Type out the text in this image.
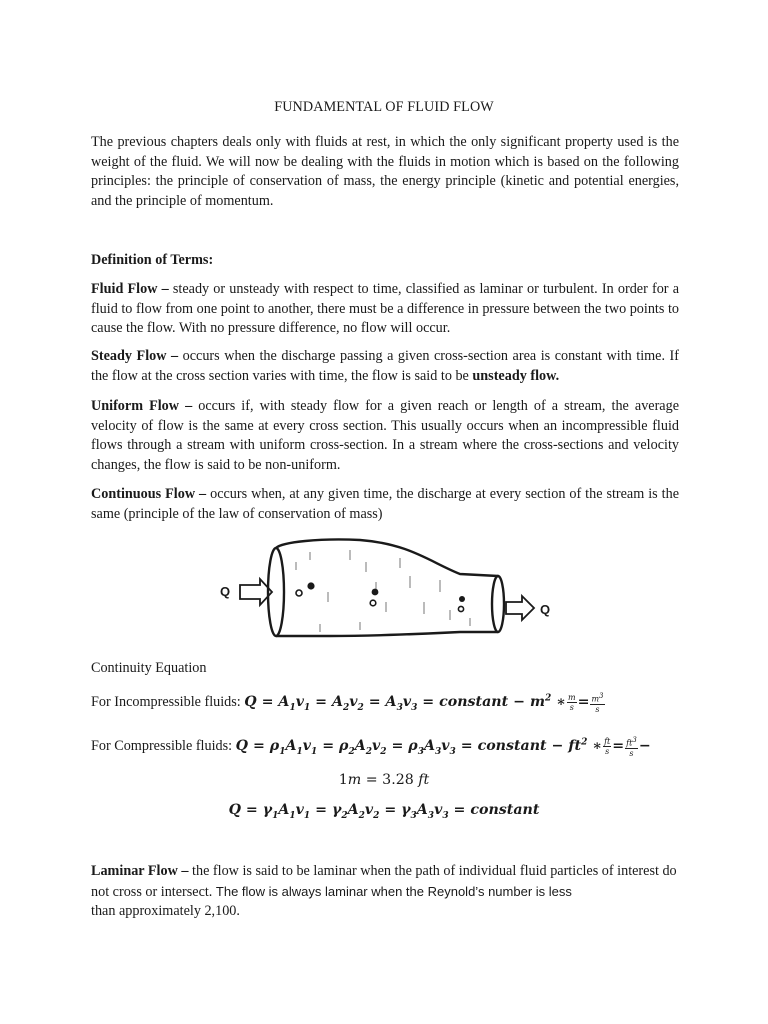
FUNDAMENTAL OF FLUID FLOW
The previous chapters deals only with fluids at rest, in which the only significant property used is the weight of the fluid. We will now be dealing with the fluids in motion which is based on the following principles: the principle of conservation of mass, the energy principle (kinetic and potential energies, and the principle of momentum.
Definition of Terms:
Fluid Flow – steady or unsteady with respect to time, classified as laminar or turbulent. In order for a fluid to flow from one point to another, there must be a difference in pressure between the two points to cause the flow. With no pressure difference, no flow will occur.
Steady Flow – occurs when the discharge passing a given cross-section area is constant with time. If the flow at the cross section varies with time, the flow is said to be unsteady flow.
Uniform Flow – occurs if, with steady flow for a given reach or length of a stream, the average velocity of flow is the same at every cross section. This usually occurs when an incompressible fluid flows through a stream with uniform cross-section. In a stream where the cross-sections and velocity changes, the flow is said to be non-uniform.
Continuous Flow – occurs when, at any given time, the discharge at every section of the stream is the same (principle of the law of conservation of mass)
Q
Q
Continuity Equation
For Incompressible fluids: $Q = A_1v_1 = A_2v_2 = A_3v_3$ = constant − $m^2$ ∗ $\frac{m}{s} = \frac{m^3}{s}$
For Compressible fluids: $Q = \rho_1A_1v_1 = \rho_2A_2v_2 = \rho_3A_3v_3$ = constant − $ft^2$ ∗ $\frac{ft}{s} = \frac{ft^3}{s}$ −
1m = 3.28 ft
$Q = \gamma_1A_1v_1 = \gamma_2A_2v_2 = \gamma_3A_3v_3$ = constant
Laminar Flow – the flow is said to be laminar when the path of individual fluid particles of interest do not cross or intersect. The flow is always laminar when the Reynold’s number is less
than approximately 2,100.
